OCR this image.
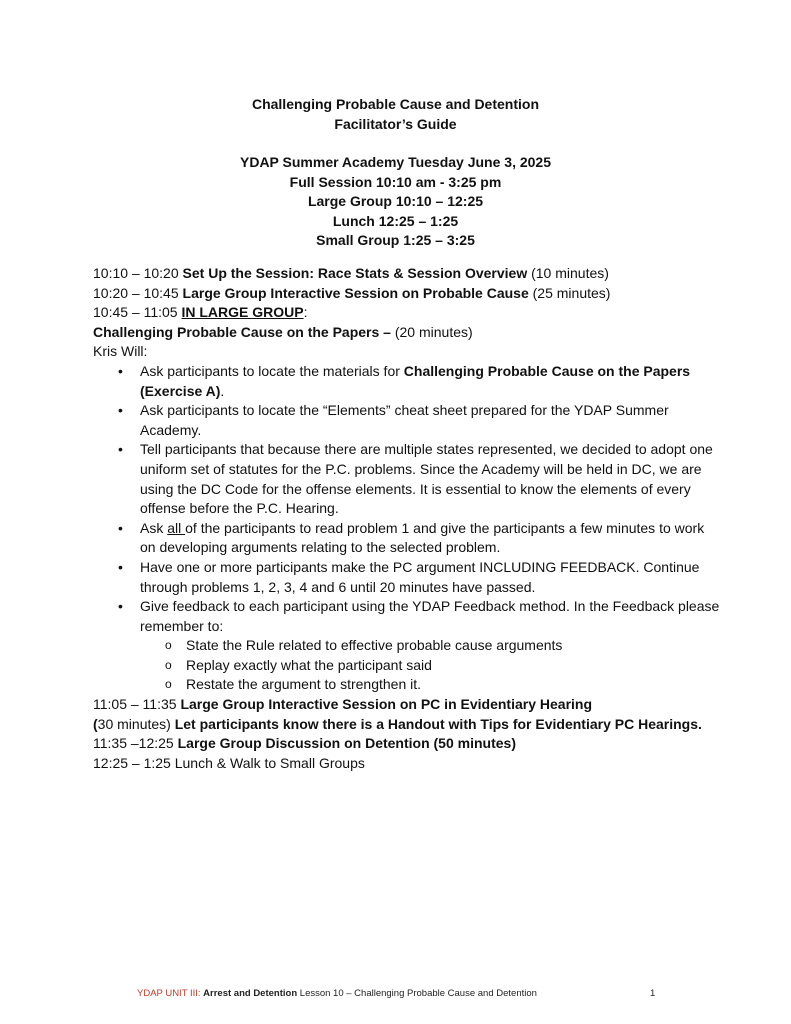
Challenging Probable Cause and Detention
Facilitator’s Guide
YDAP Summer Academy Tuesday June 3, 2025
Full Session 10:10 am - 3:25 pm
Large Group 10:10 – 12:25
Lunch 12:25 – 1:25
Small Group 1:25 – 3:25
10:10 – 10:20 Set Up the Session: Race Stats & Session Overview (10 minutes)
10:20 – 10:45 Large Group Interactive Session on Probable Cause (25 minutes)
10:45 – 11:05 IN LARGE GROUP:
Challenging Probable Cause on the Papers – (20 minutes)
Kris Will:
• Ask participants to locate the materials for Challenging Probable Cause on the Papers (Exercise A).
• Ask participants to locate the “Elements” cheat sheet prepared for the YDAP Summer Academy.
• Tell participants that because there are multiple states represented, we decided to adopt one uniform set of statutes for the P.C. problems. Since the Academy will be held in DC, we are using the DC Code for the offense elements. It is essential to know the elements of every offense before the P.C. Hearing.
• Ask all of the participants to read problem 1 and give the participants a few minutes to work on developing arguments relating to the selected problem.
• Have one or more participants make the PC argument INCLUDING FEEDBACK. Continue through problems 1, 2, 3, 4 and 6 until 20 minutes have passed.
• Give feedback to each participant using the YDAP Feedback method. In the Feedback please remember to:
o State the Rule related to effective probable cause arguments
o Replay exactly what the participant said
o Restate the argument to strengthen it.
11:05 – 11:35 Large Group Interactive Session on PC in Evidentiary Hearing
(30 minutes) Let participants know there is a Handout with Tips for Evidentiary PC Hearings.
11:35 –12:25 Large Group Discussion on Detention (50 minutes)
12:25 – 1:25 Lunch & Walk to Small Groups
YDAP UNIT III: Arrest and Detention Lesson 10 – Challenging Probable Cause and Detention	1
